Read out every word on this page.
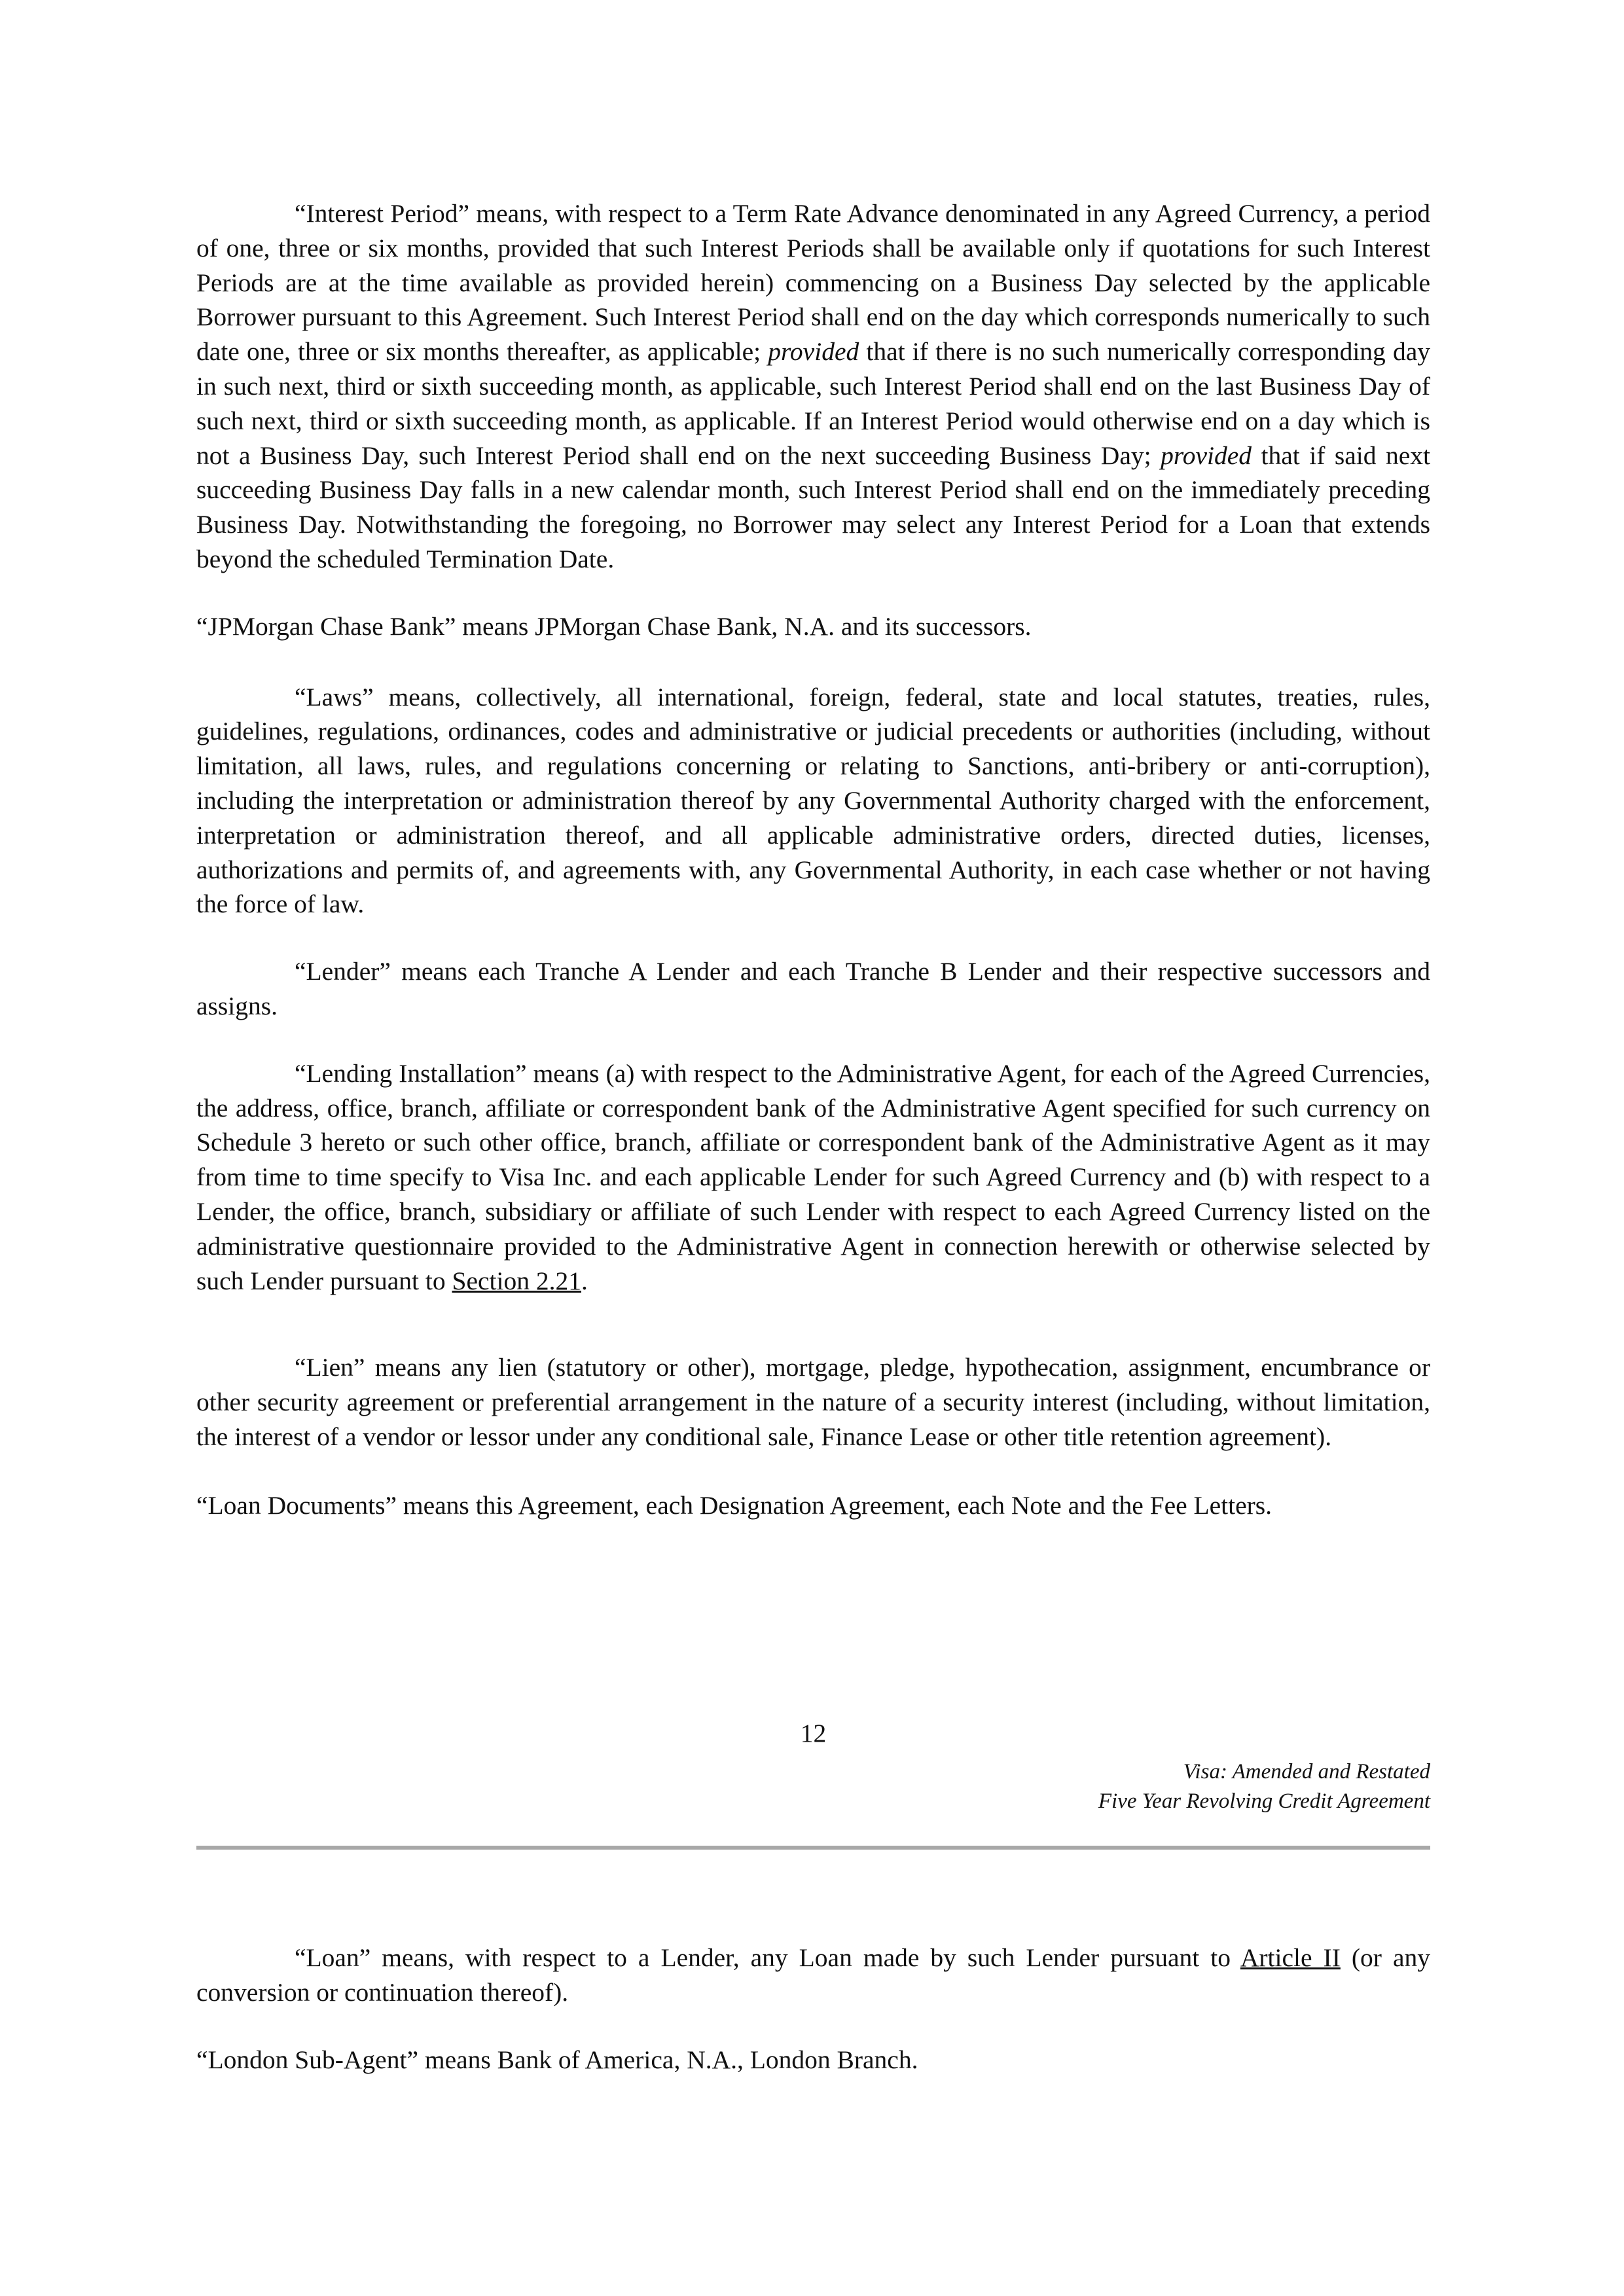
“Interest Period” means, with respect to a Term Rate Advance denominated in any Agreed Currency, a period of one, three or six months, provided that such Interest Periods shall be available only if quotations for such Interest Periods are at the time available as provided herein) commencing on a Business Day selected by the applicable Borrower pursuant to this Agreement. Such Interest Period shall end on the day which corresponds numerically to such date one, three or six months thereafter, as applicable; provided that if there is no such numerically corresponding day in such next, third or sixth succeeding month, as applicable, such Interest Period shall end on the last Business Day of such next, third or sixth succeeding month, as applicable. If an Interest Period would otherwise end on a day which is not a Business Day, such Interest Period shall end on the next succeeding Business Day; provided that if said next succeeding Business Day falls in a new calendar month, such Interest Period shall end on the immediately preceding Business Day. Notwithstanding the foregoing, no Borrower may select any Interest Period for a Loan that extends beyond the scheduled Termination Date.

“JPMorgan Chase Bank” means JPMorgan Chase Bank, N.A. and its successors.

“Laws” means, collectively, all international, foreign, federal, state and local statutes, treaties, rules, guidelines, regulations, ordinances, codes and administrative or judicial precedents or authorities (including, without limitation, all laws, rules, and regulations concerning or relating to Sanctions, anti-bribery or anti-corruption), including the interpretation or administration thereof by any Governmental Authority charged with the enforcement, interpretation or administration thereof, and all applicable administrative orders, directed duties, licenses, authorizations and permits of, and agreements with, any Governmental Authority, in each case whether or not having the force of law.

“Lender” means each Tranche A Lender and each Tranche B Lender and their respective successors and assigns.

“Lending Installation” means (a) with respect to the Administrative Agent, for each of the Agreed Currencies, the address, office, branch, affiliate or correspondent bank of the Administrative Agent specified for such currency on Schedule 3 hereto or such other office, branch, affiliate or correspondent bank of the Administrative Agent as it may from time to time specify to Visa Inc. and each applicable Lender for such Agreed Currency and (b) with respect to a Lender, the office, branch, subsidiary or affiliate of such Lender with respect to each Agreed Currency listed on the administrative questionnaire provided to the Administrative Agent in connection herewith or otherwise selected by such Lender pursuant to Section 2.21.

“Lien” means any lien (statutory or other), mortgage, pledge, hypothecation, assignment, encumbrance or other security agreement or preferential arrangement in the nature of a security interest (including, without limitation, the interest of a vendor or lessor under any conditional sale, Finance Lease or other title retention agreement).

“Loan Documents” means this Agreement, each Designation Agreement, each Note and the Fee Letters.

12
Visa: Amended and Restated
Five Year Revolving Credit Agreement

“Loan” means, with respect to a Lender, any Loan made by such Lender pursuant to Article II (or any conversion or continuation thereof).

“London Sub-Agent” means Bank of America, N.A., London Branch.
